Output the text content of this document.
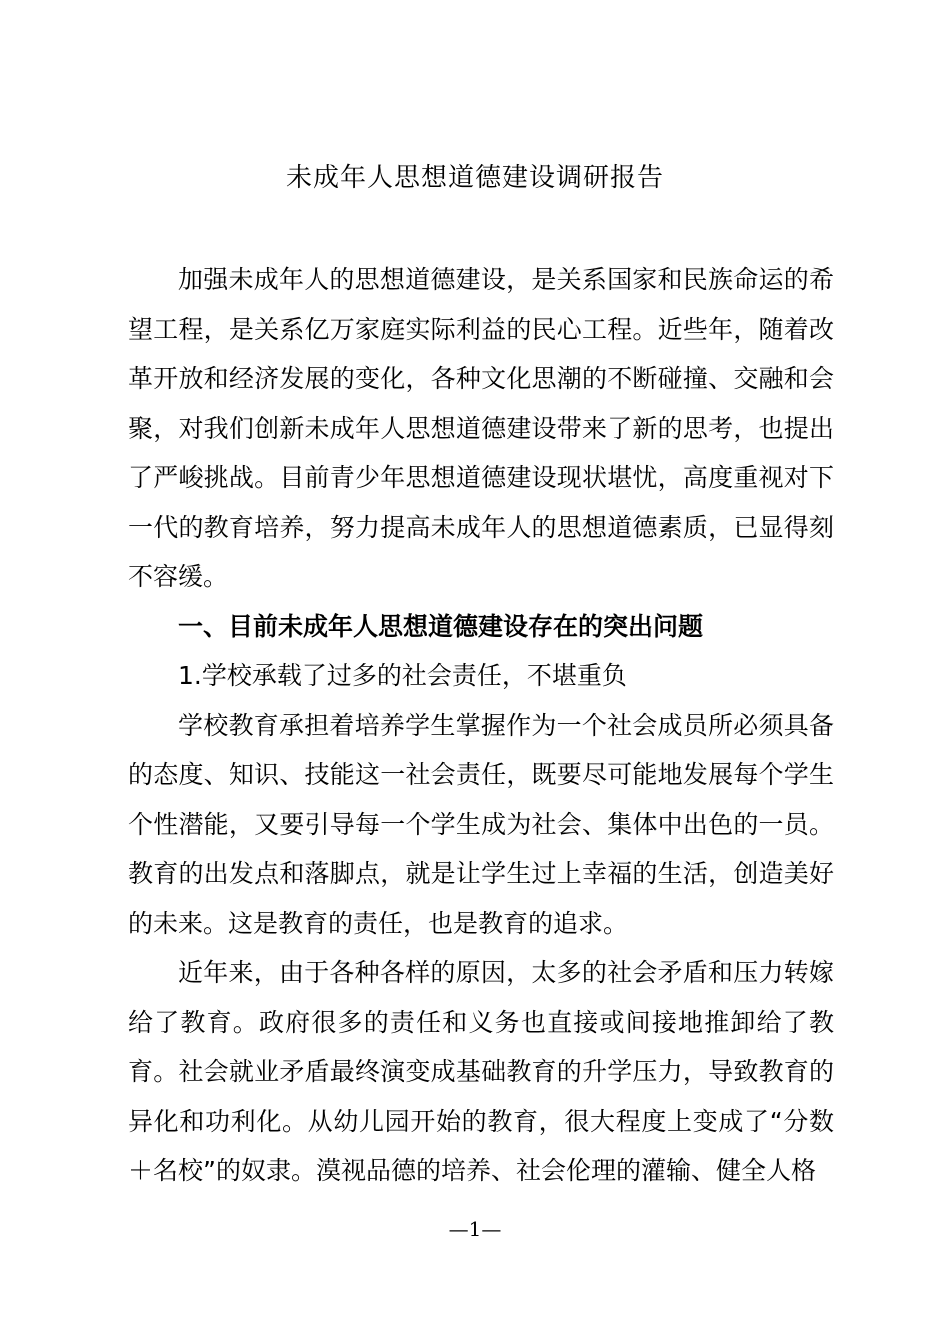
未成年人思想道德建设调研报告

加强未成年人的思想道德建设，是关系国家和民族命运的希望工程，是关系亿万家庭实际利益的民心工程。近些年，随着改革开放和经济发展的变化，各种文化思潮的不断碰撞、交融和会聚，对我们创新未成年人思想道德建设带来了新的思考，也提出了严峻挑战。目前青少年思想道德建设现状堪忧，高度重视对下一代的教育培养，努力提高未成年人的思想道德素质，已显得刻不容缓。

一、目前未成年人思想道德建设存在的突出问题

1.学校承载了过多的社会责任，不堪重负

学校教育承担着培养学生掌握作为一个社会成员所必须具备的态度、知识、技能这一社会责任，既要尽可能地发展每个学生个性潜能，又要引导每一个学生成为社会、集体中出色的一员。教育的出发点和落脚点，就是让学生过上幸福的生活，创造美好的未来。这是教育的责任，也是教育的追求。

近年来，由于各种各样的原因，太多的社会矛盾和压力转嫁给了教育。政府很多的责任和义务也直接或间接地推卸给了教育。社会就业矛盾最终演变成基础教育的升学压力，导致教育的异化和功利化。从幼儿园开始的教育，很大程度上变成了“分数＋名校”的奴隶。漠视品德的培养、社会伦理的灌输、健全人格

—1—
